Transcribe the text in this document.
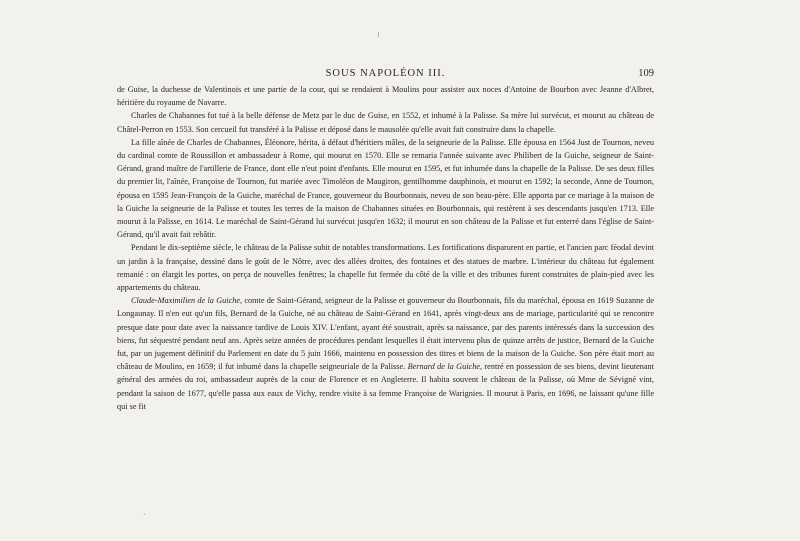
SOUS NAPOLÉON III.	109

de Guise, la duchesse de Valentinois et une partie de la cour, qui se rendaient à Moulins pour assister aux noces d'Antoine de Bourbon avec Jeanne d'Albret, héritière du royaume de Navarre.

Charles de Chabannes fut tué à la belle défense de Metz par le duc de Guise, en 1552, et inhumé à la Palisse. Sa mère lui survécut, et mourut au château de Châtel-Perron en 1553. Son cercueil fut transféré à la Palisse et déposé dans le mausolée qu'elle avait fait construire dans la chapelle.

La fille aînée de Charles de Chabannes, Éléonore, hérita, à défaut d'héritiers mâles, de la seigneurie de la Palisse. Elle épousa en 1564 Just de Tournon, neveu du cardinal comte de Roussillon et ambassadeur à Rome, qui mourut en 1570. Elle se remaria l'année suivante avec Philibert de la Guiche, seigneur de Saint-Gérand, grand maître de l'artillerie de France, dont elle n'eut point d'enfants. Elle mourut en 1595, et fut inhumée dans la chapelle de la Palisse. De ses deux filles du premier lit, l'aînée, Françoise de Tournon, fut mariée avec Timoléon de Maugiron, gentilhomme dauphinois, et mourut en 1592; la seconde, Anne de Tournon, épousa en 1595 Jean-François de la Guiche, maréchal de France, gouverneur du Bourbonnais, neveu de son beau-père. Elle apporta par ce mariage à la maison de la Guiche la seigneurie de la Palisse et toutes les terres de la maison de Chabannes situées en Bourbonnais, qui restèrent à ses descendants jusqu'en 1713. Elle mourut à la Palisse, en 1614. Le maréchal de Saint-Gérand lui survécut jusqu'en 1632; il mourut en son château de la Palisse et fut enterré dans l'église de Saint-Gérand, qu'il avait fait rebâtir.

Pendant le dix-septième siècle, le château de la Palisse subit de notables transformations. Les fortifications disparurent en partie, et l'ancien parc féodal devint un jardin à la française, dessiné dans le goût de le Nôtre, avec des allées droites, des fontaines et des statues de marbre. L'intérieur du château fut également remanié : on élargit les portes, on perça de nouvelles fenêtres; la chapelle fut fermée du côté de la ville et des tribunes furent construites de plain-pied avec les appartements du château.

Claude-Maximilien de la Guiche, comte de Saint-Gérand, seigneur de la Palisse et gouverneur du Bourbonnais, fils du maréchal, épousa en 1619 Suzanne de Longaunay. Il n'en eut qu'un fils, Bernard de la Guiche, né au château de Saint-Gérand en 1641, après vingt-deux ans de mariage, particularité qui se rencontre presque date pour date avec la naissance tardive de Louis XIV. L'enfant, ayant été soustrait, après sa naissance, par des parents intéressés dans la succession des biens, fut séquestré pendant neuf ans. Après seize années de procédures pendant lesquelles il était intervenu plus de quinze arrêts de justice, Bernard de la Guiche fut, par un jugement définitif du Parlement en date du 5 juin 1666, maintenu en possession des titres et biens de la maison de la Guiche. Son père était mort au château de Moulins, en 1659; il fut inhumé dans la chapelle seigneuriale de la Palisse. Bernard de la Guiche, rentré en possession de ses biens, devint lieutenant général des armées du roi, ambassadeur auprès de la cour de Florence et en Angleterre. Il habita souvent le château de la Palisse, où Mme de Sévigné vint, pendant la saison de 1677, qu'elle passa aux eaux de Vichy, rendre visite à sa femme Françoise de Warignies. Il mourut à Paris, en 1696, ne laissant qu'une fille qui se fit

ˏ
